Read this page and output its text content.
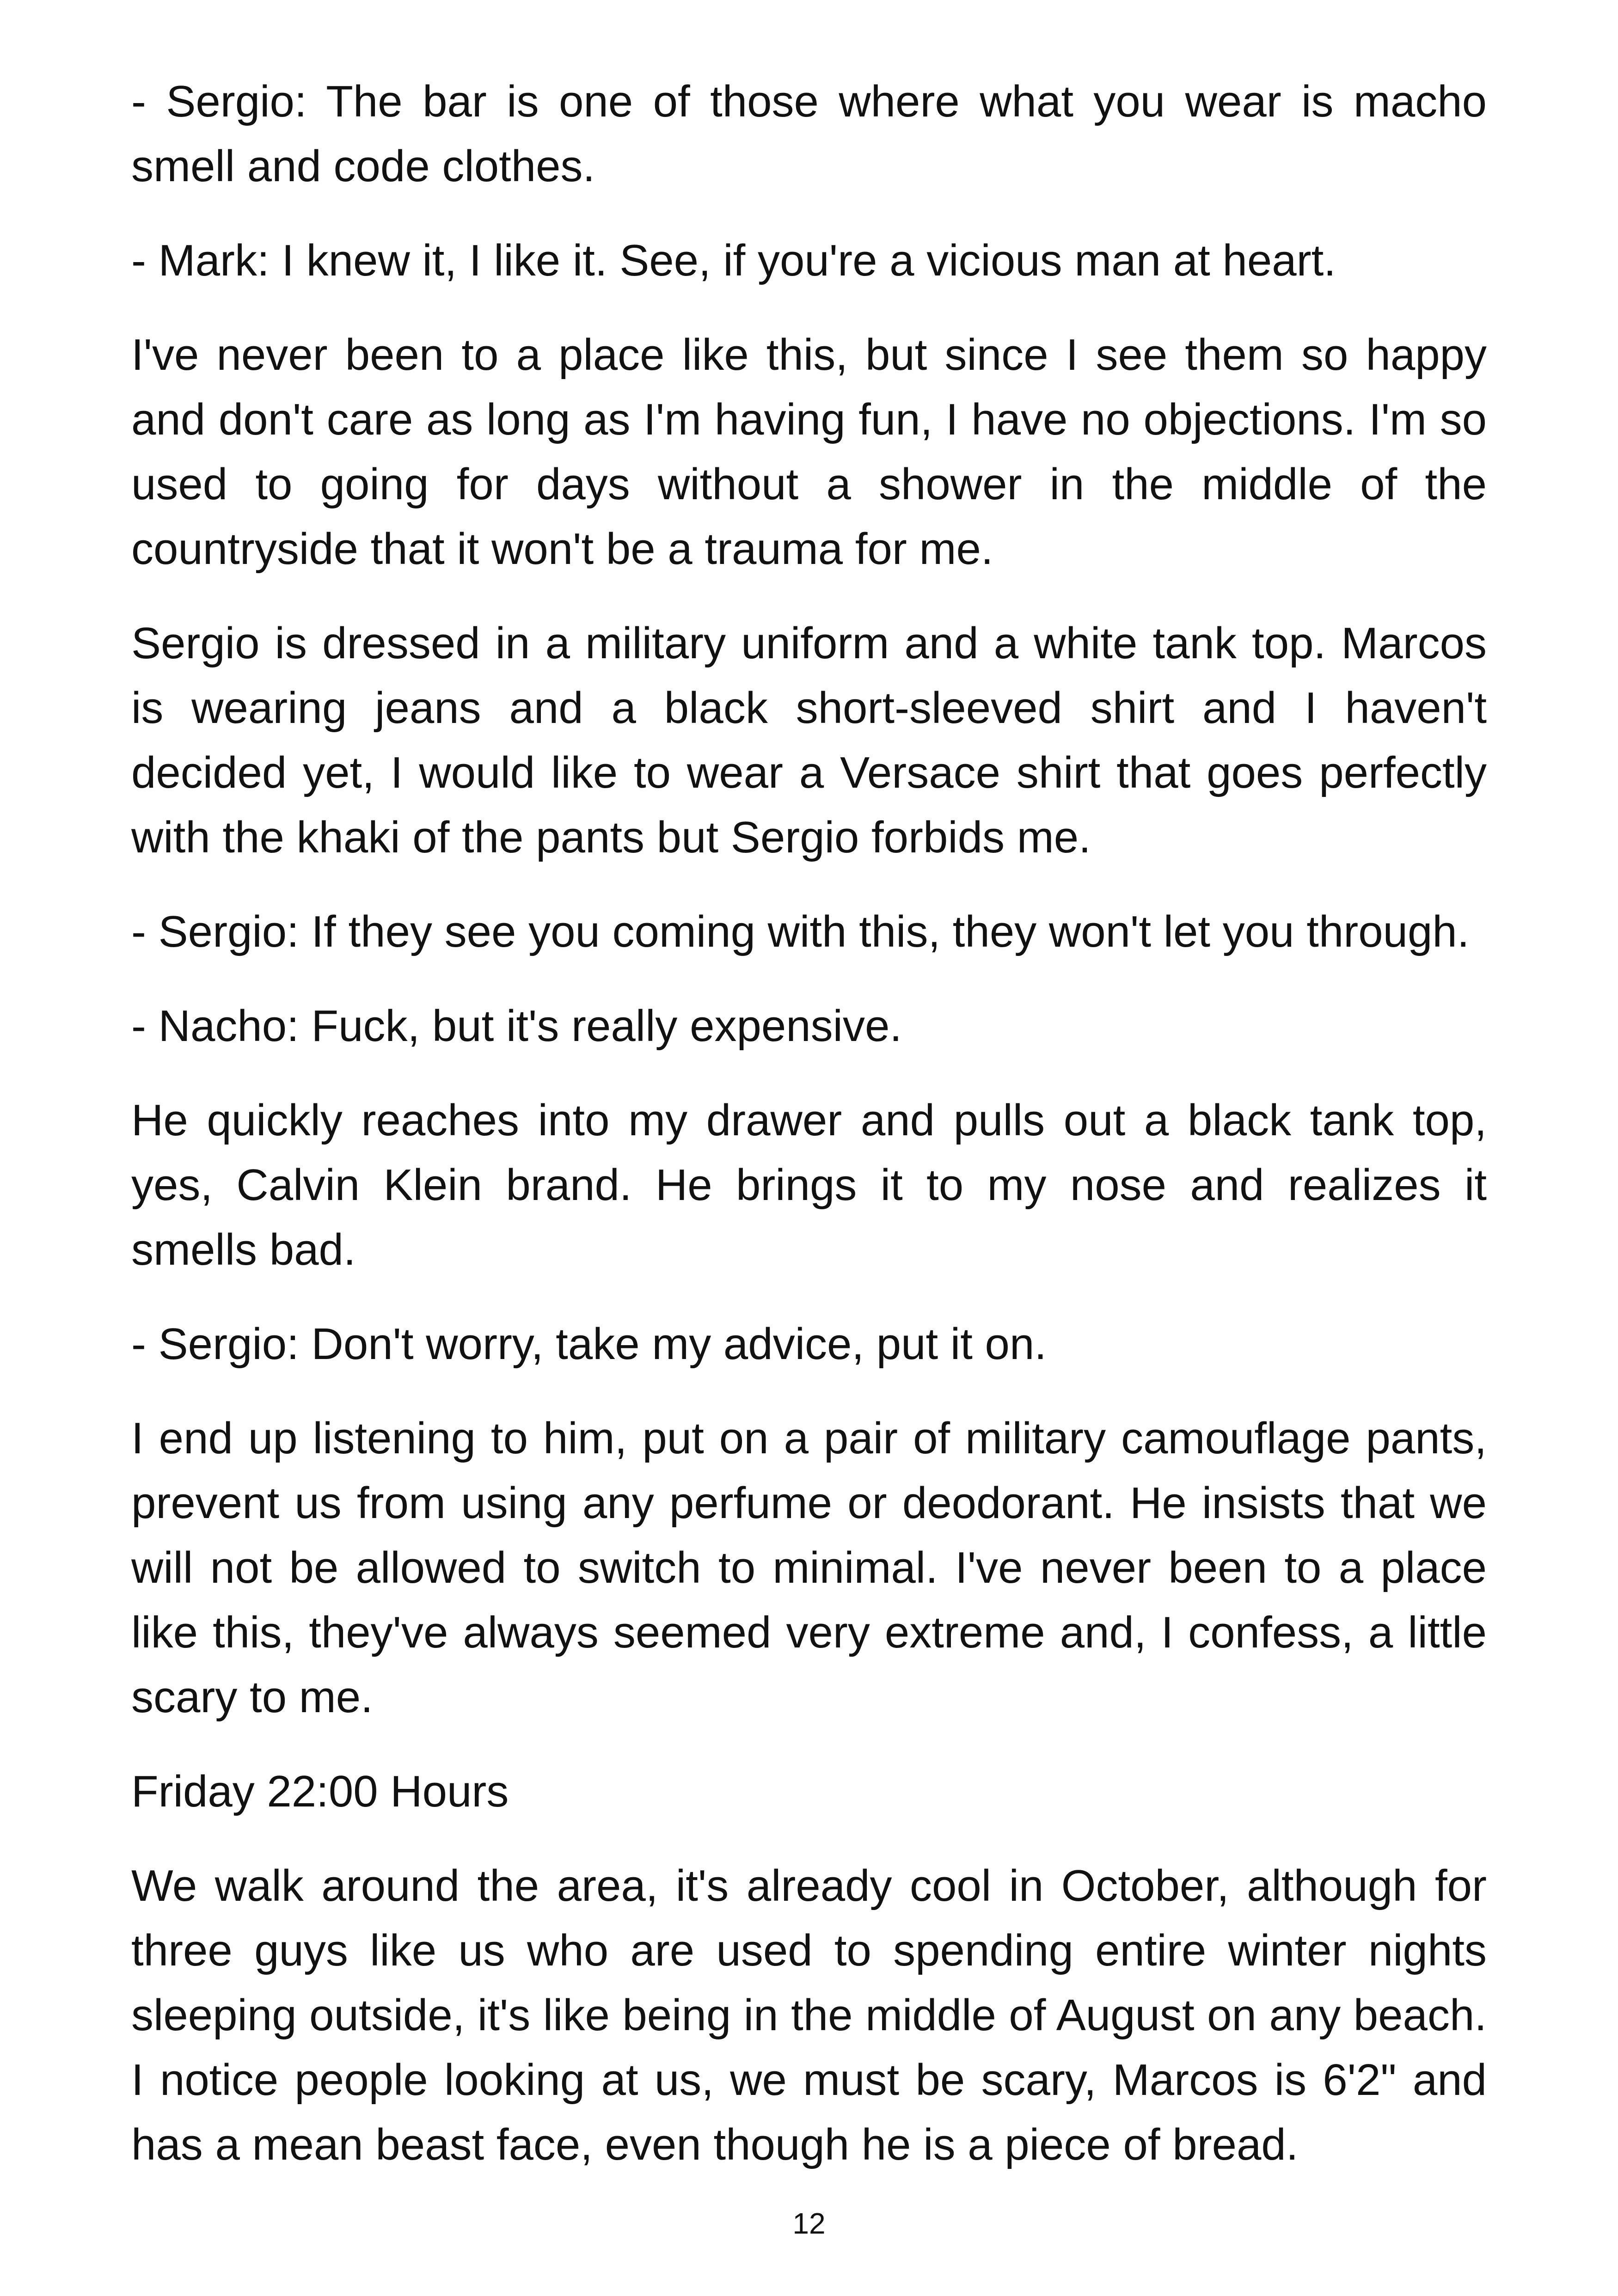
- Sergio: The bar is one of those where what you wear is macho smell and code clothes.

- Mark: I knew it, I like it. See, if you're a vicious man at heart.

I've never been to a place like this, but since I see them so happy and don't care as long as I'm having fun, I have no objections. I'm so used to going for days without a shower in the middle of the countryside that it won't be a trauma for me.

Sergio is dressed in a military uniform and a white tank top. Marcos is wearing jeans and a black short-sleeved shirt and I haven't decided yet, I would like to wear a Versace shirt that goes perfectly with the khaki of the pants but Sergio forbids me.

- Sergio: If they see you coming with this, they won't let you through.

- Nacho: Fuck, but it's really expensive.

He quickly reaches into my drawer and pulls out a black tank top, yes, Calvin Klein brand. He brings it to my nose and realizes it smells bad.

- Sergio: Don't worry, take my advice, put it on.

I end up listening to him, put on a pair of military camouflage pants, prevent us from using any perfume or deodorant. He insists that we will not be allowed to switch to minimal. I've never been to a place like this, they've always seemed very extreme and, I confess, a little scary to me.

Friday 22:00 Hours

We walk around the area, it's already cool in October, although for three guys like us who are used to spending entire winter nights sleeping outside, it's like being in the middle of August on any beach. I notice people looking at us, we must be scary, Marcos is 6'2" and has a mean beast face, even though he is a piece of bread.

12
